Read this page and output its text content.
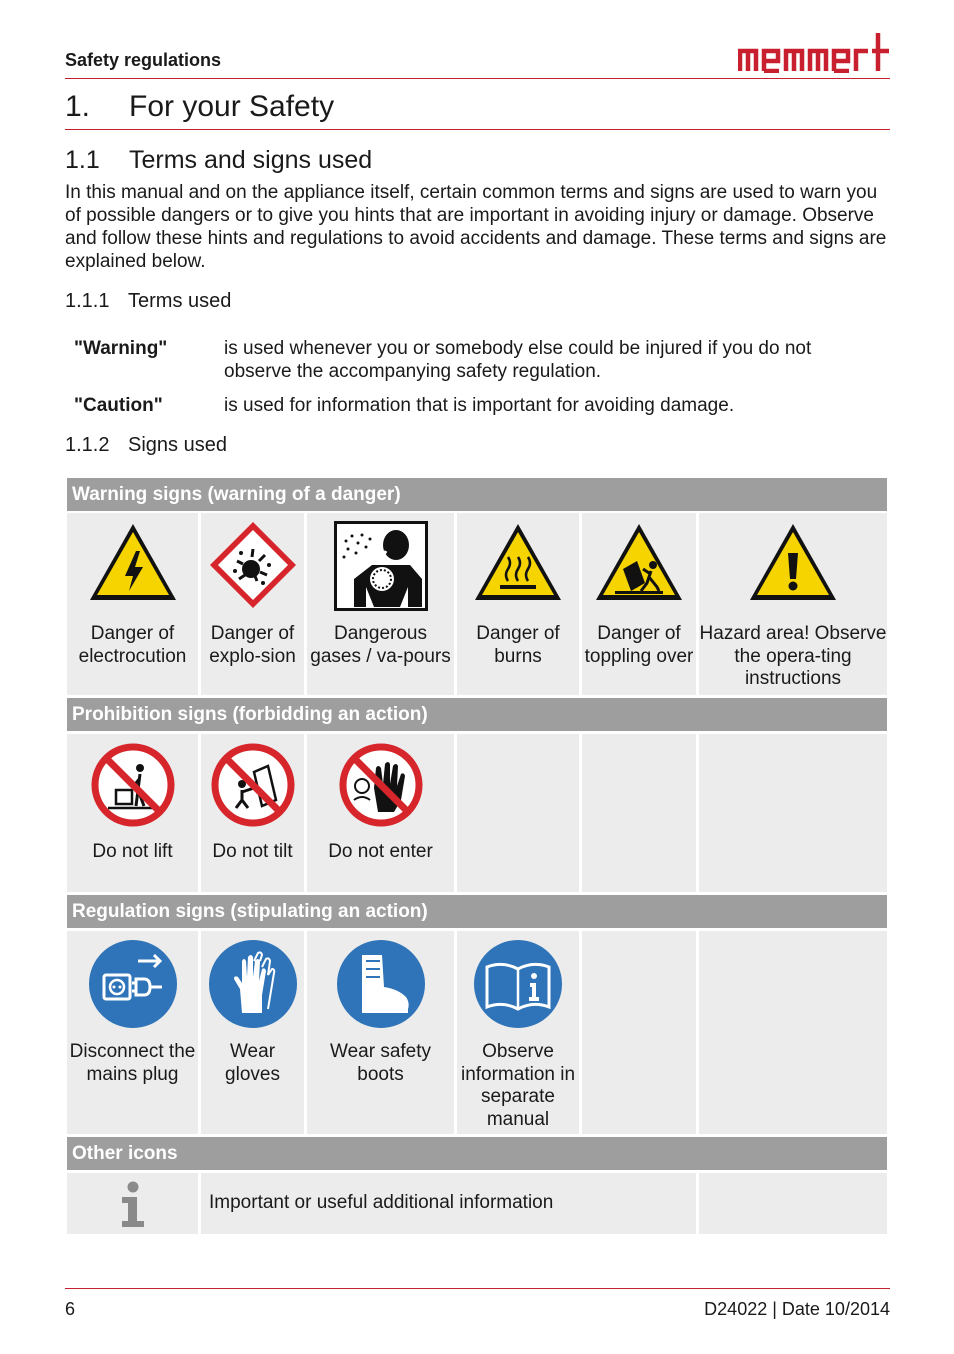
Safety regulations
1. For your Safety
1.1 Terms and signs used
In this manual and on the appliance itself, certain common terms and signs are used to warn you of possible dangers or to give you hints that are important in avoiding injury or damage. Observe and follow these hints and regulations to avoid accidents and damage. These terms and signs are explained below.
1.1.1 Terms used
"Warning"	is used whenever you or somebody else could be injured if you do not observe the accompanying safety regulation.
"Caution"	is used for information that is important for avoiding damage.
1.1.2 Signs used
Warning signs (warning of a danger)
Danger of electrocution
Danger of explo-sion
Dangerous gases / va-pours
Danger of burns
Danger of toppling over
Hazard area! Observe the opera-ting instructions
Prohibition signs (forbidding an action)
Do not lift	Do not tilt	Do not enter
Regulation signs (stipulating an action)
Disconnect the mains plug
Wear gloves
Wear safety boots
Observe information in separate manual
Other icons
Important or useful additional information
6	D24022 | Date 10/2014
